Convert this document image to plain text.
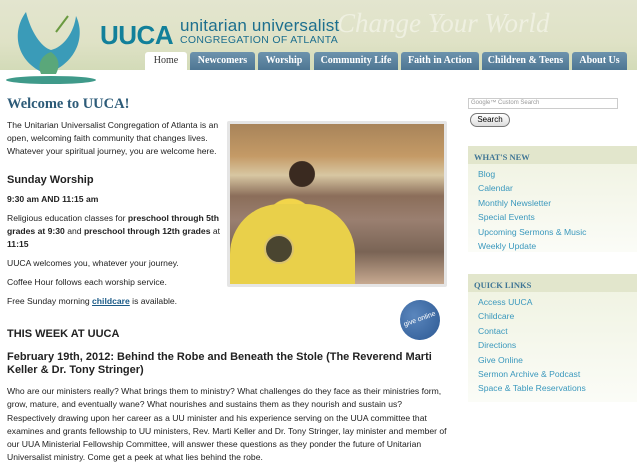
UUCA unitarian universalist
CONGREGATION OF ATLANTA
Change Your World
Home	Newcomers	Worship	Community Life	Faith in Action	Children & Teens	About Us
Welcome to UUCA!

The Unitarian Universalist Congregation of Atlanta is an open, welcoming faith community that changes lives. Whatever your spiritual journey, you are welcome here.

Sunday Worship

9:30 am AND 11:15 am

Religious education classes for preschool through 5th grades at 9:30 and preschool through 12th grades at 11:15

UUCA welcomes you, whatever your journey.

Coffee Hour follows each worship service.

Free Sunday morning childcare is available.

give online
THIS WEEK AT UUCA
February 19th, 2012: Behind the Robe and Beneath the Stole (The Reverend Marti Keller & Dr. Tony Stringer)

Who are our ministers really? What brings them to ministry? What challenges do they face as their ministries form, grow, mature, and eventually wane? What nourishes and sustains them as they nourish and sustain us? Respectively drawing upon her career as a UU minister and his experience serving on the UUA committee that examines and grants fellowship to UU ministers, Rev. Marti Keller and Dr. Tony Stringer, lay minister and member of our UUA Ministerial Fellowship Committee, will answer these questions as they ponder the future of Unitarian Universalist ministry. Come get a peek at what lies behind the robe.

Google™ Custom Search
Search
WHAT'S NEW
Blog
Calendar
Monthly Newsletter
Special Events
Upcoming Sermons & Music
Weekly Update
QUICK LINKS
Access UUCA
Childcare
Contact
Directions
Give Online
Sermon Archive & Podcast
Space & Table Reservations
